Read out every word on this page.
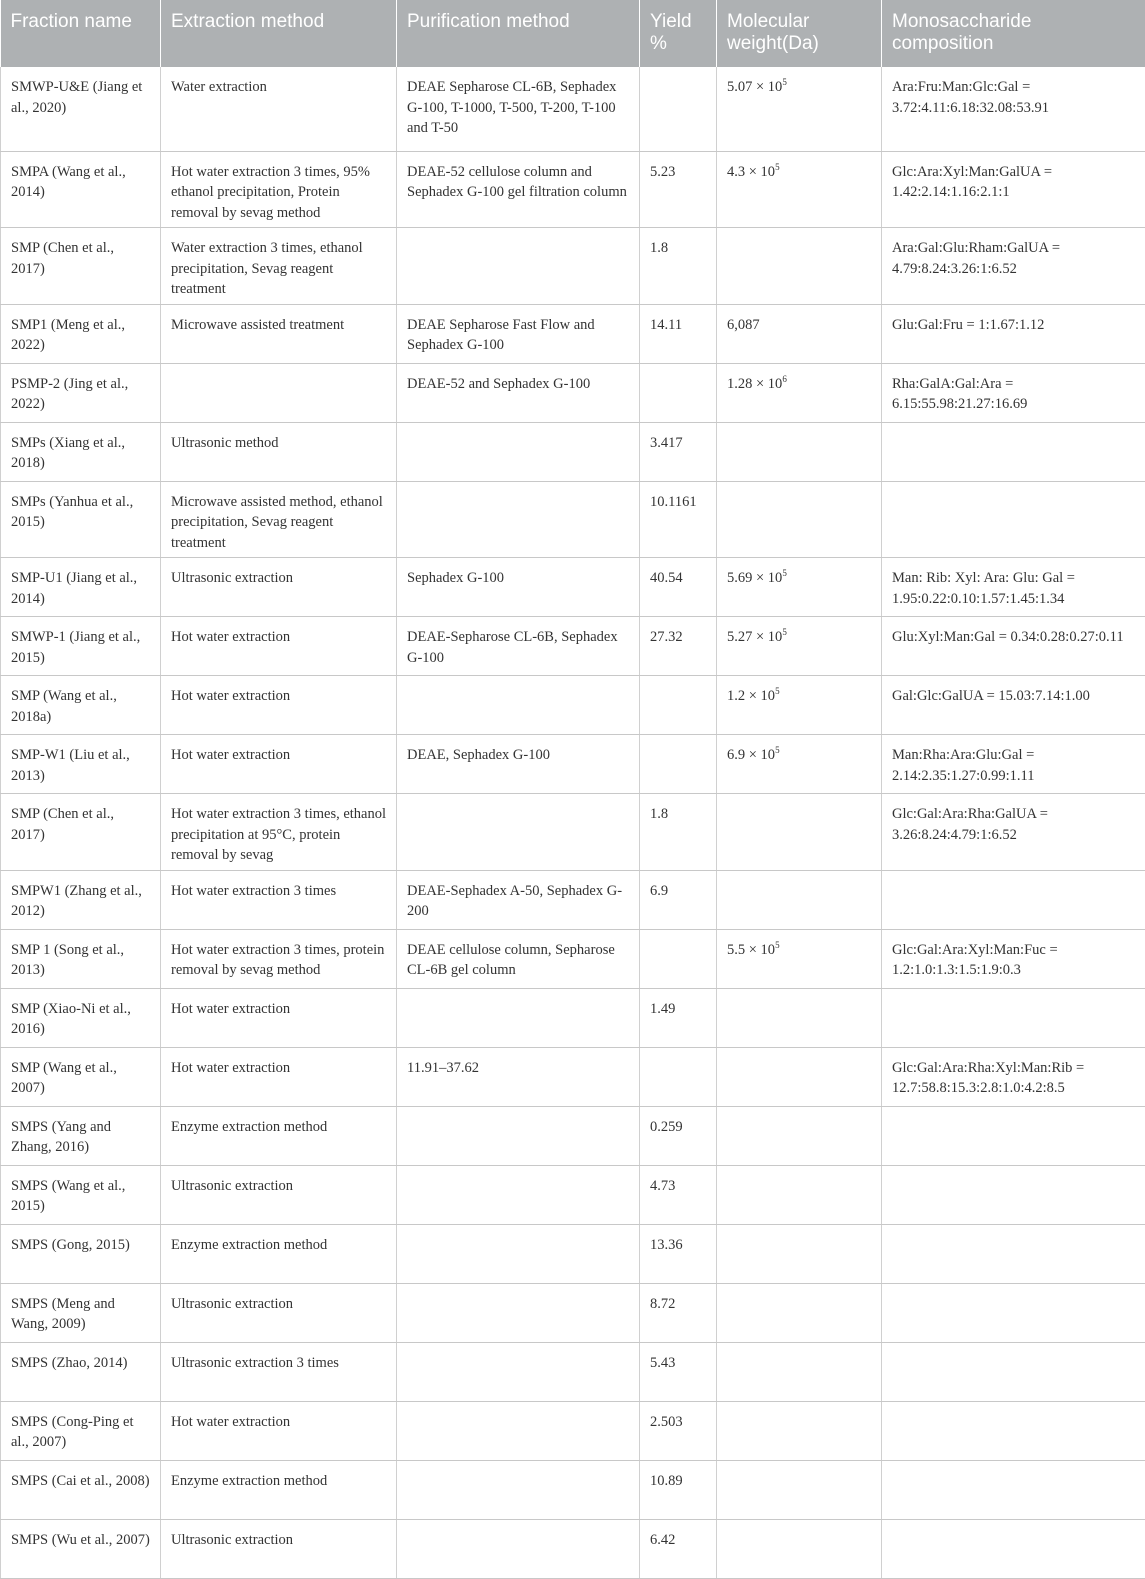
Fraction name	Extraction method	Purification method	Yield %	Molecular weight(Da)	Monosaccharide composition
SMWP-U&E (Jiang et al., 2020)	Water extraction	DEAE Sepharose CL-6B, Sephadex G-100, T-1000, T-500, T-200, T-100 and T-50		$5.07 \times 10^5$	Ara:Fru:Man:Glc:Gal = 3.72:4.11:6.18:32.08:53.91
SMPA (Wang et al., 2014)	Hot water extraction 3 times, 95% ethanol precipitation, Protein removal by sevag method	DEAE-52 cellulose column and Sephadex G-100 gel filtration column	5.23	$4.3 \times 10^5$	Glc:Ara:Xyl:Man:GalUA = 1.42:2.14:1.16:2.1:1
SMP (Chen et al., 2017)	Water extraction 3 times, ethanol precipitation, Sevag reagent treatment		1.8		Ara:Gal:Glu:Rham:GalUA = 4.79:8.24:3.26:1:6.52
SMP1 (Meng et al., 2022)	Microwave assisted treatment	DEAE Sepharose Fast Flow and Sephadex G-100	14.11	6,087	Glu:Gal:Fru = 1:1.67:1.12
PSMP-2 (Jing et al., 2022)		DEAE-52 and Sephadex G-100		$1.28 \times 10^6$	Rha:GalA:Gal:Ara = 6.15:55.98:21.27:16.69
SMPs (Xiang et al., 2018)	Ultrasonic method		3.417		
SMPs (Yanhua et al., 2015)	Microwave assisted method, ethanol precipitation, Sevag reagent treatment		10.1161		
SMP-U1 (Jiang et al., 2014)	Ultrasonic extraction	Sephadex G-100	40.54	$5.69 \times 10^5$	Man: Rib: Xyl: Ara: Glu: Gal = 1.95:0.22:0.10:1.57:1.45:1.34
SMWP-1 (Jiang et al., 2015)	Hot water extraction	DEAE-Sepharose CL-6B, Sephadex G-100	27.32	$5.27 \times 10^5$	Glu:Xyl:Man:Gal = 0.34:0.28:0.27:0.11
SMP (Wang et al., 2018a)	Hot water extraction			$1.2 \times 10^5$	Gal:Glc:GalUA = 15.03:7.14:1.00
SMP-W1 (Liu et al., 2013)	Hot water extraction	DEAE, Sephadex G-100		$6.9 \times 10^5$	Man:Rha:Ara:Glu:Gal = 2.14:2.35:1.27:0.99:1.11
SMP (Chen et al., 2017)	Hot water extraction 3 times, ethanol precipitation at 95°C, protein removal by sevag		1.8		Glc:Gal:Ara:Rha:GalUA = 3.26:8.24:4.79:1:6.52
SMPW1 (Zhang et al., 2012)	Hot water extraction 3 times	DEAE-Sephadex A-50, Sephadex G-200	6.9		
SMP 1 (Song et al., 2013)	Hot water extraction 3 times, protein removal by sevag method	DEAE cellulose column, Sepharose CL-6B gel column		$5.5 \times 10^5$	Glc:Gal:Ara:Xyl:Man:Fuc = 1.2:1.0:1.3:1.5:1.9:0.3
SMP (Xiao-Ni et al., 2016)	Hot water extraction		1.49		
SMP (Wang et al., 2007)	Hot water extraction	11.91–37.62			Glc:Gal:Ara:Rha:Xyl:Man:Rib = 12.7:58.8:15.3:2.8:1.0:4.2:8.5
SMPS (Yang and Zhang, 2016)	Enzyme extraction method		0.259		
SMPS (Wang et al., 2015)	Ultrasonic extraction		4.73		
SMPS (Gong, 2015)	Enzyme extraction method		13.36		
SMPS (Meng and Wang, 2009)	Ultrasonic extraction		8.72		
SMPS (Zhao, 2014)	Ultrasonic extraction 3 times		5.43		
SMPS (Cong-Ping et al., 2007)	Hot water extraction		2.503		
SMPS (Cai et al., 2008)	Enzyme extraction method		10.89		
SMPS (Wu et al., 2007)	Ultrasonic extraction		6.42		
